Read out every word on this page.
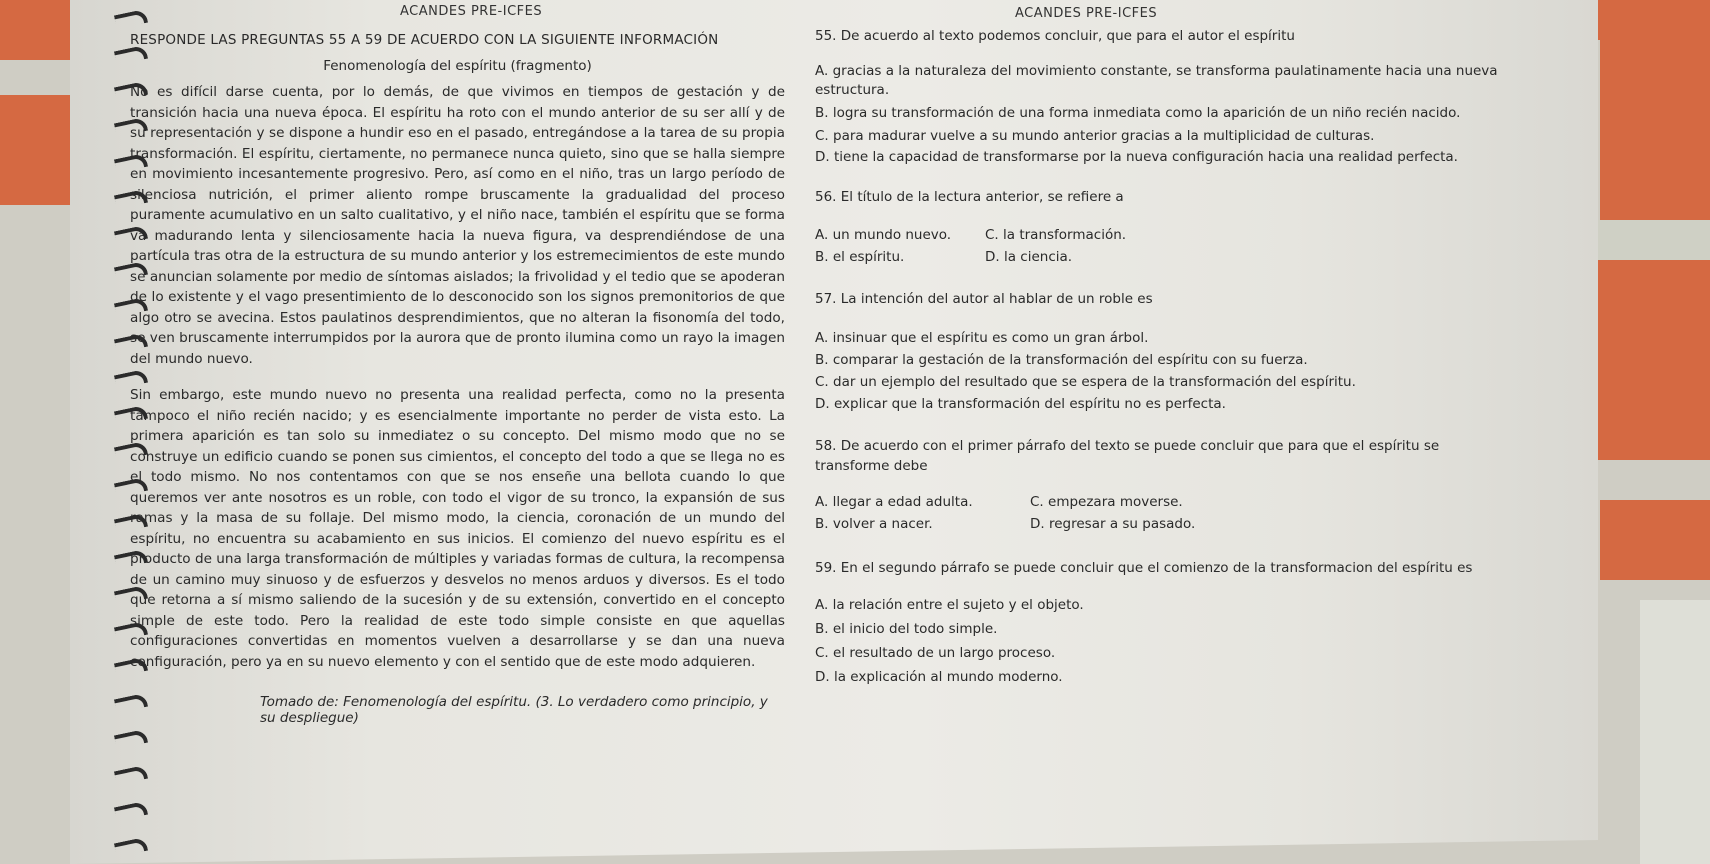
ACANDES PRE-ICFES	ACANDES PRE-ICFES

RESPONDE LAS PREGUNTAS 55 A 59 DE ACUERDO CON LA SIGUIENTE INFORMACIÓN

Fenomenología del espíritu (fragmento)

No es difícil darse cuenta, por lo demás, de que vivimos en tiempos de gestación y de transición hacia una nueva época. El espíritu ha roto con el mundo anterior de su ser allí y de su representación y se dispone a hundir eso en el pasado, entregándose a la tarea de su propia transformación. El espíritu, ciertamente, no permanece nunca quieto, sino que se halla siempre en movimiento incesantemente progresivo. Pero, así como en el niño, tras un largo período de silenciosa nutrición, el primer aliento rompe bruscamente la gradualidad del proceso puramente acumulativo en un salto cualitativo, y el niño nace, también el espíritu que se forma va madurando lenta y silenciosamente hacia la nueva figura, va desprendiéndose de una partícula tras otra de la estructura de su mundo anterior y los estremecimientos de este mundo se anuncian solamente por medio de síntomas aislados; la frivolidad y el tedio que se apoderan de lo existente y el vago presentimiento de lo desconocido son los signos premonitorios de que algo otro se avecina. Estos paulatinos desprendimientos, que no alteran la fisonomía del todo, se ven bruscamente interrumpidos por la aurora que de pronto ilumina como un rayo la imagen del mundo nuevo.

Sin embargo, este mundo nuevo no presenta una realidad perfecta, como no la presenta tampoco el niño recién nacido; y es esencialmente importante no perder de vista esto. La primera aparición es tan solo su inmediatez o su concepto. Del mismo modo que no se construye un edificio cuando se ponen sus cimientos, el concepto del todo a que se llega no es el todo mismo. No nos contentamos con que se nos enseñe una bellota cuando lo que queremos ver ante nosotros es un roble, con todo el vigor de su tronco, la expansión de sus ramas y la masa de su follaje. Del mismo modo, la ciencia, coronación de un mundo del espíritu, no encuentra su acabamiento en sus inicios. El comienzo del nuevo espíritu es el producto de una larga transformación de múltiples y variadas formas de cultura, la recompensa de un camino muy sinuoso y de esfuerzos y desvelos no menos arduos y diversos. Es el todo que retorna a sí mismo saliendo de la sucesión y de su extensión, convertido en el concepto simple de este todo. Pero la realidad de este todo simple consiste en que aquellas configuraciones convertidas en momentos vuelven a desarrollarse y se dan una nueva configuración, pero ya en su nuevo elemento y con el sentido que de este modo adquieren.

Tomado de: Fenomenología del espíritu. (3. Lo verdadero como principio, y su despliegue)

55. De acuerdo al texto podemos concluir, que para el autor el espíritu

A. gracias a la naturaleza del movimiento constante, se transforma paulatinamente hacia una nueva estructura.

B. logra su transformación de una forma inmediata como la aparición de un niño recién nacido.

C. para madurar vuelve a su mundo anterior gracias a la multiplicidad de culturas.

D. tiene la capacidad de transformarse por la nueva configuración hacia una realidad perfecta.

56. El título de la lectura anterior, se refiere a

A. un mundo nuevo.	C. la transformación.
B. el espíritu.	D. la ciencia.

57. La intención del autor al hablar de un roble es

A. insinuar que el espíritu es como un gran árbol.

B. comparar la gestación de la transformación del espíritu con su fuerza.

C. dar un ejemplo del resultado que se espera de la transformación del espíritu.

D. explicar que la transformación del espíritu no es perfecta.

58. De acuerdo con el primer párrafo del texto se puede concluir que para que el espíritu se transforme debe

A. llegar a edad adulta.	C. empezara moverse.
B. volver a nacer.	D. regresar a su pasado.

59. En el segundo párrafo se puede concluir que el comienzo de la transformacion del espíritu es

A. la relación entre el sujeto y el objeto.

B. el inicio del todo simple.

C. el resultado de un largo proceso.

D. la explicación al mundo moderno.
